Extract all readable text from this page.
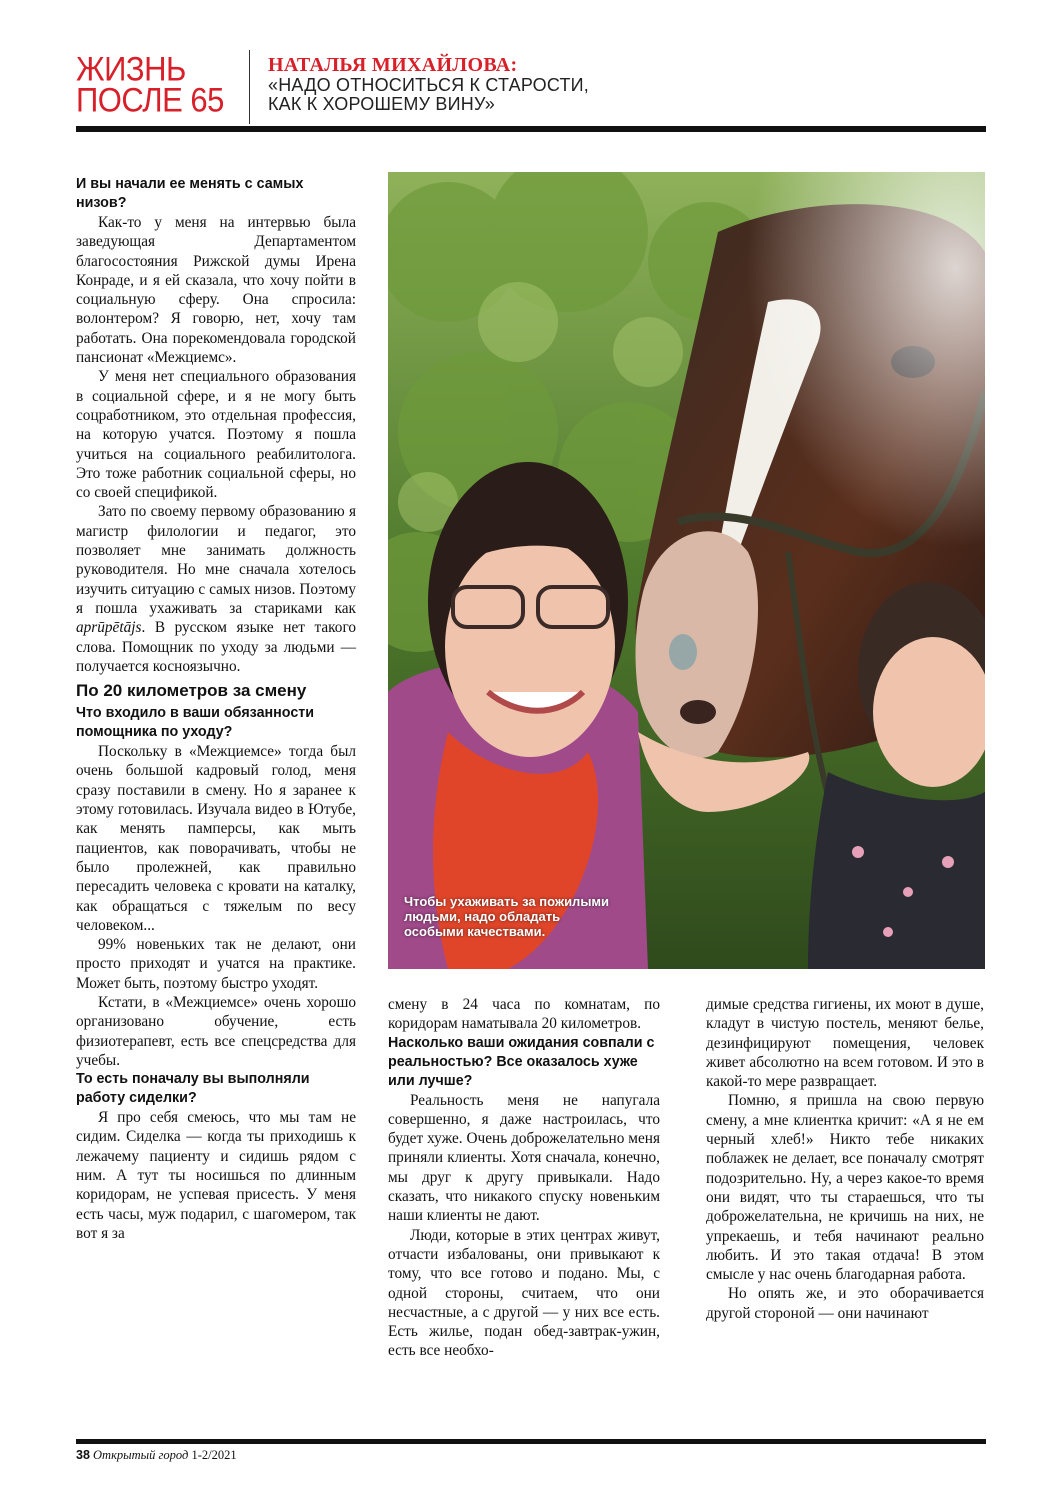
ЖИЗНЬ
ПОСЛЕ 65
НАТАЛЬЯ МИХАЙЛОВА:
«НАДО ОТНОСИТЬСЯ К СТАРОСТИ,
КАК К ХОРОШЕМУ ВИНУ»

И вы начали ее менять с самых низов?

Как-то у меня на интервью была заведующая Департаментом благосостояния Рижской думы Ирена Конраде, и я ей сказала, что хочу пойти в социальную сферу. Она спросила: волонтером? Я говорю, нет, хочу там работать. Она порекомендовала городской пансионат «Межциемс».

У меня нет специального образования в социальной сфере, и я не могу быть соцработником, это отдельная профессия, на которую учатся. Поэтому я пошла учиться на социального реабилитолога. Это тоже работник социальной сферы, но со своей спецификой.

Зато по своему первому образованию я магистр филологии и педагог, это позволяет мне занимать должность руководителя. Но мне сначала хотелось изучить ситуацию с самых низов. Поэтому я пошла ухаживать за стариками как aprūpētājs. В русском языке нет такого слова. Помощник по уходу за людьми — получается косноязычно.

По 20 километров за смену

Что входило в ваши обязанности помощника по уходу?

Поскольку в «Межциемсе» тогда был очень большой кадровый голод, меня сразу поставили в смену. Но я заранее к этому готовилась. Изучала видео в Ютубе, как менять памперсы, как мыть пациентов, как поворачивать, чтобы не было пролежней, как правильно пересадить человека с кровати на каталку, как обращаться с тяжелым по весу человеком...

99% новеньких так не делают, они просто приходят и учатся на практике. Может быть, поэтому быстро уходят.

Кстати, в «Межциемсе» очень хорошо организовано обучение, есть физиотерапевт, есть все спецсредства для учебы.

То есть поначалу вы выполняли работу сиделки?

Я про себя смеюсь, что мы там не сидим. Сиделка — когда ты приходишь к лежачему пациенту и сидишь рядом с ним. А тут ты носишься по длинным коридорам, не успевая присесть. У меня есть часы, муж подарил, с шагомером, так вот я за

Чтобы ухаживать за пожилыми людьми, надо обладать особыми качествами.

смену в 24 часа по комнатам, по коридорам наматывала 20 километров.

Насколько ваши ожидания совпали с реальностью? Все оказалось хуже или лучше?

Реальность меня не напугала совершенно, я даже настроилась, что будет хуже. Очень доброжелательно меня приняли клиенты. Хотя сначала, конечно, мы друг к другу привыкали. Надо сказать, что никакого спуску новеньким наши клиенты не дают.

Люди, которые в этих центрах живут, отчасти избалованы, они привыкают к тому, что все готово и подано. Мы, с одной стороны, считаем, что они несчастные, а с другой — у них все есть. Есть жилье, подан обед-завтрак-ужин, есть все необхо-

димые средства гигиены, их моют в душе, кладут в чистую постель, меняют белье, дезинфицируют помещения, человек живет абсолютно на всем готовом. И это в какой-то мере развращает.

Помню, я пришла на свою первую смену, а мне клиентка кричит: «А я не ем черный хлеб!» Никто тебе никаких поблажек не делает, все поначалу смотрят подозрительно. Ну, а через какое-то время они видят, что ты стараешься, что ты доброжелательна, не кричишь на них, не упрекаешь, и тебя начинают реально любить. И это такая отдача! В этом смысле у нас очень благодарная работа.

Но опять же, и это оборачивается другой стороной — они начинают

38 Открытый город 1-2/2021
